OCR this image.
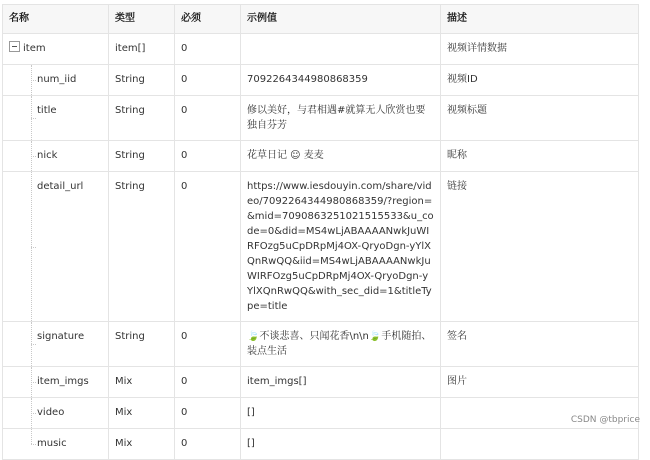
名称	类型	必须	示例值	描述
item	item[]	0		视频详情数据
num_iid	String	0	7092264344980868359	视频ID
title	String	0	修以美好，与君相遇#就算无人欣赏也要独自芬芳	视频标题
nick	String	0	花草日记 ☺ 麦麦	昵称
detail_url	String	0	https://www.iesdouyin.com/share/video/7092264344980868359/?region=&mid=7090863251021515533&u_code=0&did=MS4wLjABAAAANwkJuWIRFOzg5uCpDRpMj4OX-QryoDgn-yYlXQnRwQQ&iid=MS4wLjABAAAANwkJuWIRFOzg5uCpDRpMj4OX-QryoDgn-yYlXQnRwQQ&with_sec_did=1&titleType=title	链接
signature	String	0	🍃不谈悲喜、只闻花香\n\n🍃手机随拍、装点生活	签名
item_imgs	Mix	0	item_imgs[]	图片
video	Mix	0	[]	
music	Mix	0	[]	
CSDN @tbprice
